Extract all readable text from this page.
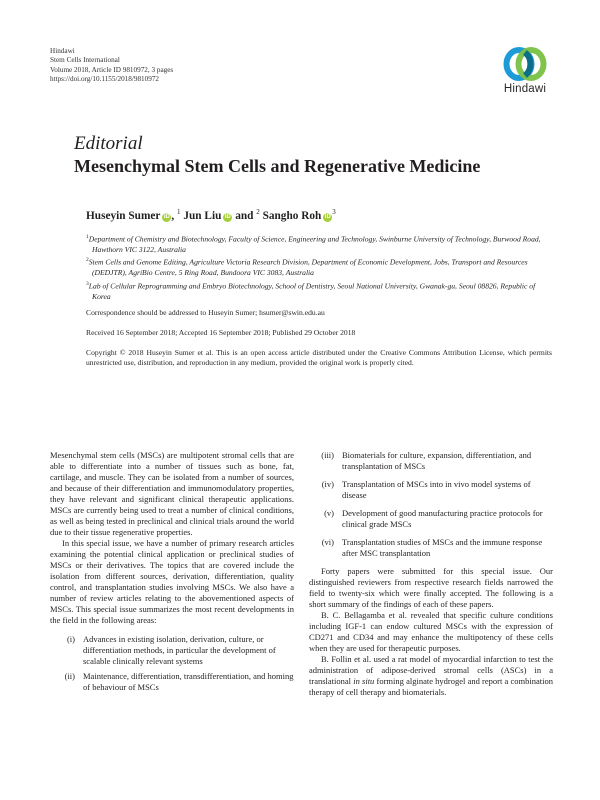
Hindawi
Stem Cells International
Volume 2018, Article ID 9810972, 3 pages
https://doi.org/10.1155/2018/9810972
Hindawi
Editorial
Mesenchymal Stem Cells and Regenerative Medicine
Huseyin Sumer iD , $^1$ Jun Liu iD and $^2$ Sangho Roh $iD^3$
$^1$Department of Chemistry and Biotechnology, Faculty of Science, Engineering and Technology, Swinburne University of Technology, Burwood Road, Hawthorn VIC 3122, Australia
$^2$Stem Cells and Genome Editing, Agriculture Victoria Research Division, Department of Economic Development, Jobs, Transport and Resources (DEDJTR), AgriBio Centre, 5 Ring Road, Bundoora VIC 3083, Australia
$^3$Lab of Cellular Reprogramming and Embryo Biotechnology, School of Dentistry, Seoul National University, Gwanak-gu, Seoul 08826, Republic of Korea
Correspondence should be addressed to Huseyin Sumer; hsumer@swin.edu.au
Received 16 September 2018; Accepted 16 September 2018; Published 29 October 2018
Copyright © 2018 Huseyin Sumer et al. This is an open access article distributed under the Creative Commons Attribution License, which permits unrestricted use, distribution, and reproduction in any medium, provided the original work is properly cited.

Mesenchymal stem cells (MSCs) are multipotent stromal cells that are able to differentiate into a number of tissues such as bone, fat, cartilage, and muscle. They can be isolated from a number of sources, and because of their differentiation and immunomodulatory properties, they have relevant and significant clinical therapeutic applications. MSCs are currently being used to treat a number of clinical conditions, as well as being tested in preclinical and clinical trials around the world due to their tissue regenerative properties.

In this special issue, we have a number of primary research articles examining the potential clinical application or preclinical studies of MSCs or their derivatives. The topics that are covered include the isolation from different sources, derivation, differentiation, quality control, and transplantation studies involving MSCs. We also have a number of review articles relating to the abovementioned aspects of MSCs. This special issue summarizes the most recent developments in the field in the following areas:

(i) Advances in existing isolation, derivation, culture, or differentiation methods, in particular the development of scalable clinically relevant systems
(ii) Maintenance, differentiation, transdifferentiation, and homing of behaviour of MSCs
(iii) Biomaterials for culture, expansion, differentiation, and transplantation of MSCs
(iv) Transplantation of MSCs into in vivo model systems of disease
(v) Development of good manufacturing practice protocols for clinical grade MSCs
(vi) Transplantation studies of MSCs and the immune response after MSC transplantation

Forty papers were submitted for this special issue. Our distinguished reviewers from respective research fields narrowed the field to twenty-six which were finally accepted. The following is a short summary of the findings of each of these papers.

B. C. Bellagamba et al. revealed that specific culture conditions including IGF-1 can endow cultured MSCs with the expression of CD271 and CD34 and may enhance the multipotency of these cells when they are used for therapeutic purposes.

B. Follin et al. used a rat model of myocardial infarction to test the administration of adipose-derived stromal cells (ASCs) in a translational in situ forming alginate hydrogel and report a combination therapy of cell therapy and biomaterials.
